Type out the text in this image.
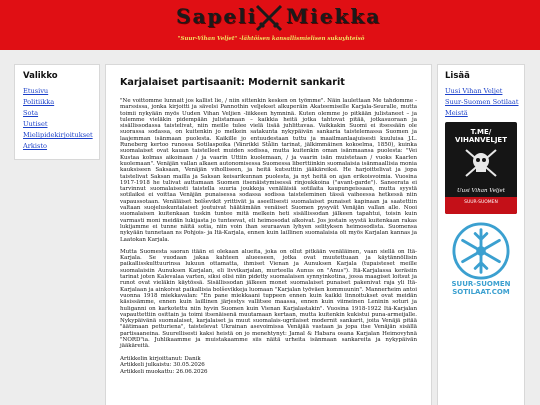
Sapeli Miekka
"Suur-Vihan Veljet" -lähtöisen kansallismielisen sukuyhteisö
Valikko
Etusivu
Politiikka
Sota
Uutiset
Mielipidekirjoitukset
Arkisto
Karjalaiset partisaanit: Modernit sankarit

"Ne voittomme lunnait jos kallist lie, / niin sittenkin kesken on työmme". Näin laulettaan Me tahdomme - marssissa, jonka kirjoitti ja sävelsi Pannothin veljekset alkuperäin Akateemiselle Karjala-Seuralle, mutta toimii nykyään myös Uuden Vihan Veljien -liikkeen hymninä. Kuten olemme jo pitkään julistaneet – ja tulemme vieläkin pidempään julistamaan – kaikkia heitä jotka tahtovat pitää, jotkasuoraan ja sisällissodassa taistelivat, niin meille tulee vielä lisää juhlittavaa. Vaikkakin Suomi ei itsessään ole suorassa sodassa, on kuitenkin jo melkein satakunta nykypäivän sankaria taistelemassa Suomen ja laajemman isänmaan puolesta. Kaikille jo entuudestaan tuttu ja maailmanlaajuisesti kuuluisa J.L. Runeberg kertoo runossa Sotilaspoika (Vänrikki Stålin tarinat, jälkimmäinen kokoelma, 1850), kuinka suomalaiset ovat kauan taistelleet muiden sodissa, mutta kuitenkin oman isänmaansa puolesta: "Vei Kustaa kolmas aikoinaan / ja vaarin Uttiin kuolemaan, / ja vaarin isän muistetaan / vuoks Kaarlen kuolemaan". Venäjän vallan alkaen autonomisessa Suomessa liberttiinkin suomalaisia isänmaallisia monia kauksiseen Saksaan, Venäjän viholliseen, ja heitä kutsuttiin jääkäreiksi. He harjoittelivat ja jopa taistelivat Saksan mailla ja Saksan keisarikunnan puolesta, ja nyt heitä on ajan erikoisvoimia. Vuosina 1917-1918 he tulivat auttamaan Suomen itsenäistymisessä rinjoukkoina ("avant-garde"). Saneerata ei tarvinnut suomalaisesti taistella suuria joukkoja venäläisiä sotilaita kaupungeissaan, mutta syystä sotilaiksi ei voittaa Venäjän punaisessa sodassa sodissa taisteleminen tässä vaiheessa hetkessä niin vapaussotaan. Venäläiset bolševikit yrittivät ja aseellisesti suomalaiset punaiset kapinaan ja saatettiin valtaan suojeluskuntalaiset joutuivat häätämään venäiset Suomen pysyvät Venäjän vallan alle. Nooi suomalaisen kuitenkaan tuskin tuntee mitä melkein heti sisällissodan jälkeen tapahtui, toisin kuin varmasti moni meidän lukijasta jo tunteevat, eli heimosodat alkoivat. Jos jostain syystä kuitenkaan rakas lukijamme ei tunne näitä sotia, niin voin ihan seuraavan lyhyen selityksen heimosodista. Suomensa nykyään tunnetaan ns Pohjois- ja Itä-Karjala, ennen kuin laillinen suomalaisia oli myös Karjalan kannas ja Laatokan Karjala.

Mutta Suomesta saoran itään ei olekaan alueita, joka on ollut pitkään venäläinen, vaan siellä on Itä-Karjala. Se vuodaan jakaa kahteen alueeseen, jotka ovat muutettuaan ja käytännöllisin paikallisskulttuurinsa lukuun ottamatta, ihmiset Vienan ja Aunuksen Karjala (tupaisteset meille suomalaisiin Aunuksen Karjalan, eli livvikarjalan, murteella Aunus on "Anus"). Itä-Karjalassa keräsiin tarinat joten Kalevalaa varten, siksi olisi niin pidetty suomalaisen synnyinkotina, jossa maagiset loitsut ja runot ovat vieläkin käytössä. Sisällissodan jälkeen monet suomalaiset punaiset pakenivat raja yli Itä-Karjalaan ja ainkoivat paikallisia bolševikkeja luomaan "Karjalan työväen kommuunin". Mannerheim antoi vuonna 1918 miekkavalan: "En pane miekkaani tuppeen ennen kuin kaikki linnoitukset ovat meidän käsissämme, ennen kuin laillinen järjestys vallitsee maassa, ennen kuin viimeinen Leninin soturi ja huliganni on karkotettu niin hyvin Suomen kuin Vienan Karjalastakin". Vuosina 1918-1922 Itä-Karjalan vapauttettiin osittain ja toimi itsenäisenä muutamaan kertaan, mutta kuitenkin kukistui puna-armeijalle. Nykypäivänä suomalaiset, karjalaiset ja muut suomalais-ugrilaiset modernit sankarit, joita Venäjä pitää "äätimaan petturiena", taistelevat Ukrainan asevoimissa Venäjää vastaan ja jopa itse Venäjän sisällä partisaaneina. Suurellisesti kaksi heistä on jo menehtynyt: Jamal & Habara osana Karjalan Heimovyhnä "NORD"ia. Juhlikaamme ja muistakaamme siis näitä urheita isänmaan sankareita ja nykypäivän jääkäreitä.

Artikkelin kirjoittanut: Danik
Artikkeli julkaistu: 30.05.2026
Artikkeli muokattu: 26.06.2026
Lisää
Uusi Vihan Veljet
Suur-Suomen Sotilaat
Meistä
T.ME/
VIHANVELJET
Uusi Vihan Veljet
SUUR-SUOMEN
SUUR-SUOMEN
SOTILAAT.COM
